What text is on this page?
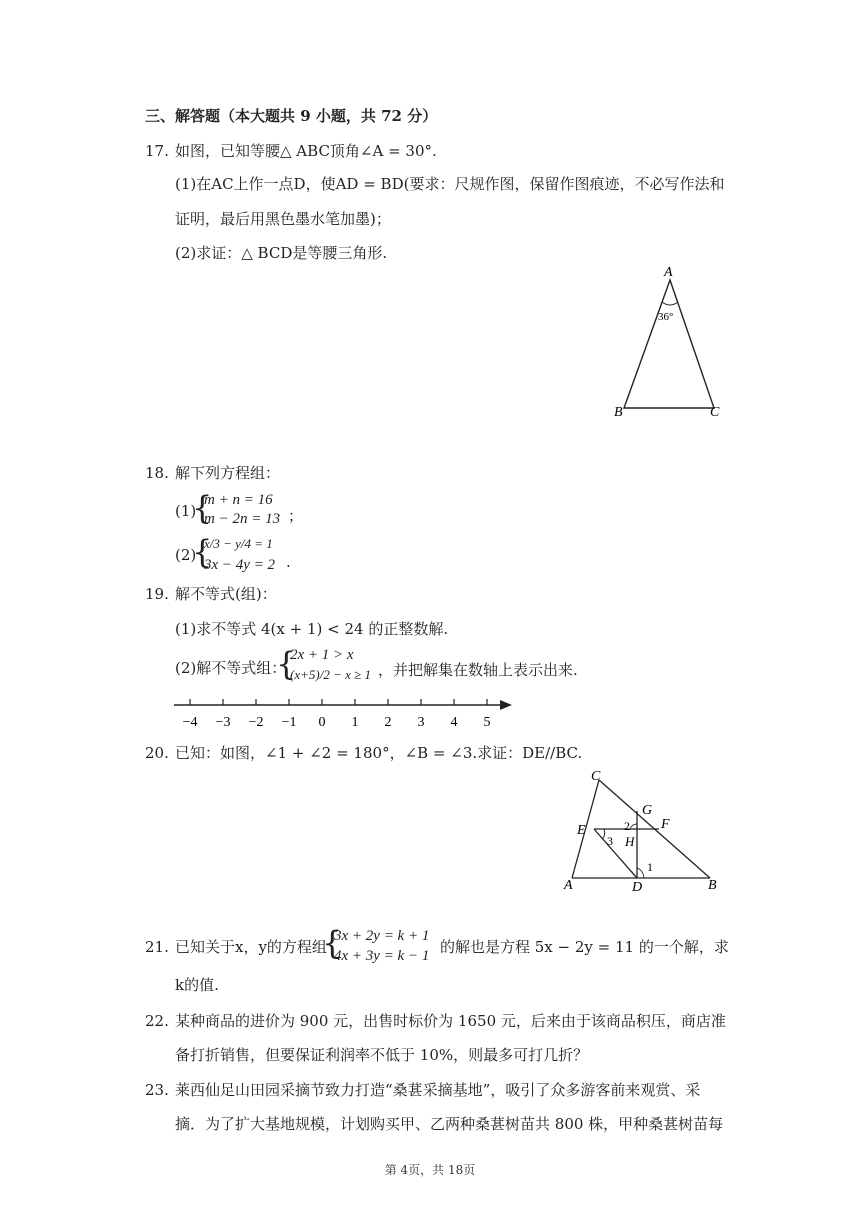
三、解答题（本大题共 9 小题，共 72 分）
17. 如图，已知等腰△ ABC顶角∠A = 30°.
(1)在AC上作一点D，使AD = BD(要求：尺规作图，保留作图痕迹，不必写作法和
证明，最后用黑色墨水笔加墨)；
(2)求证：△ BCD是等腰三角形.
A
B	C
36°
18. 解下列方程组：
(1)
{
m + n = 16
m − 2n = 13 ；
(2)
{
x/3 − y/4 = 1
3x − 4y = 2 .
19. 解不等式(组)：
(1)求不等式 4(x + 1) < 24 的正整数解.
(2)解不等式组：
{
2x + 1 > x
(x+5)/2 − x ≥ 1 ，并把解集在数轴上表示出来.
−4 −3 −2 −1 0 1 2 3 4 5
20. 已知：如图，∠1 + ∠2 = 180°，∠B = ∠3.求证：DE//BC.
C
G
E	2 F
3 H
1
A	D	B
21. 已知关于x，y的方程组
{
3x + 2y = k + 1
4x + 3y = k − 1 的解也是方程 5x − 2y = 11 的一个解，求
k的值.
22. 某种商品的进价为 900 元，出售时标价为 1650 元，后来由于该商品积压，商店准
备打折销售，但要保证利润率不低于 10%，则最多可打几折？
23. 莱西仙足山田园采摘节致力打造“桑葚采摘基地”，吸引了众多游客前来观赏、采
摘．为了扩大基地规模，计划购买甲、乙两种桑葚树苗共 800 株，甲种桑葚树苗每
第 4页，共 18页
